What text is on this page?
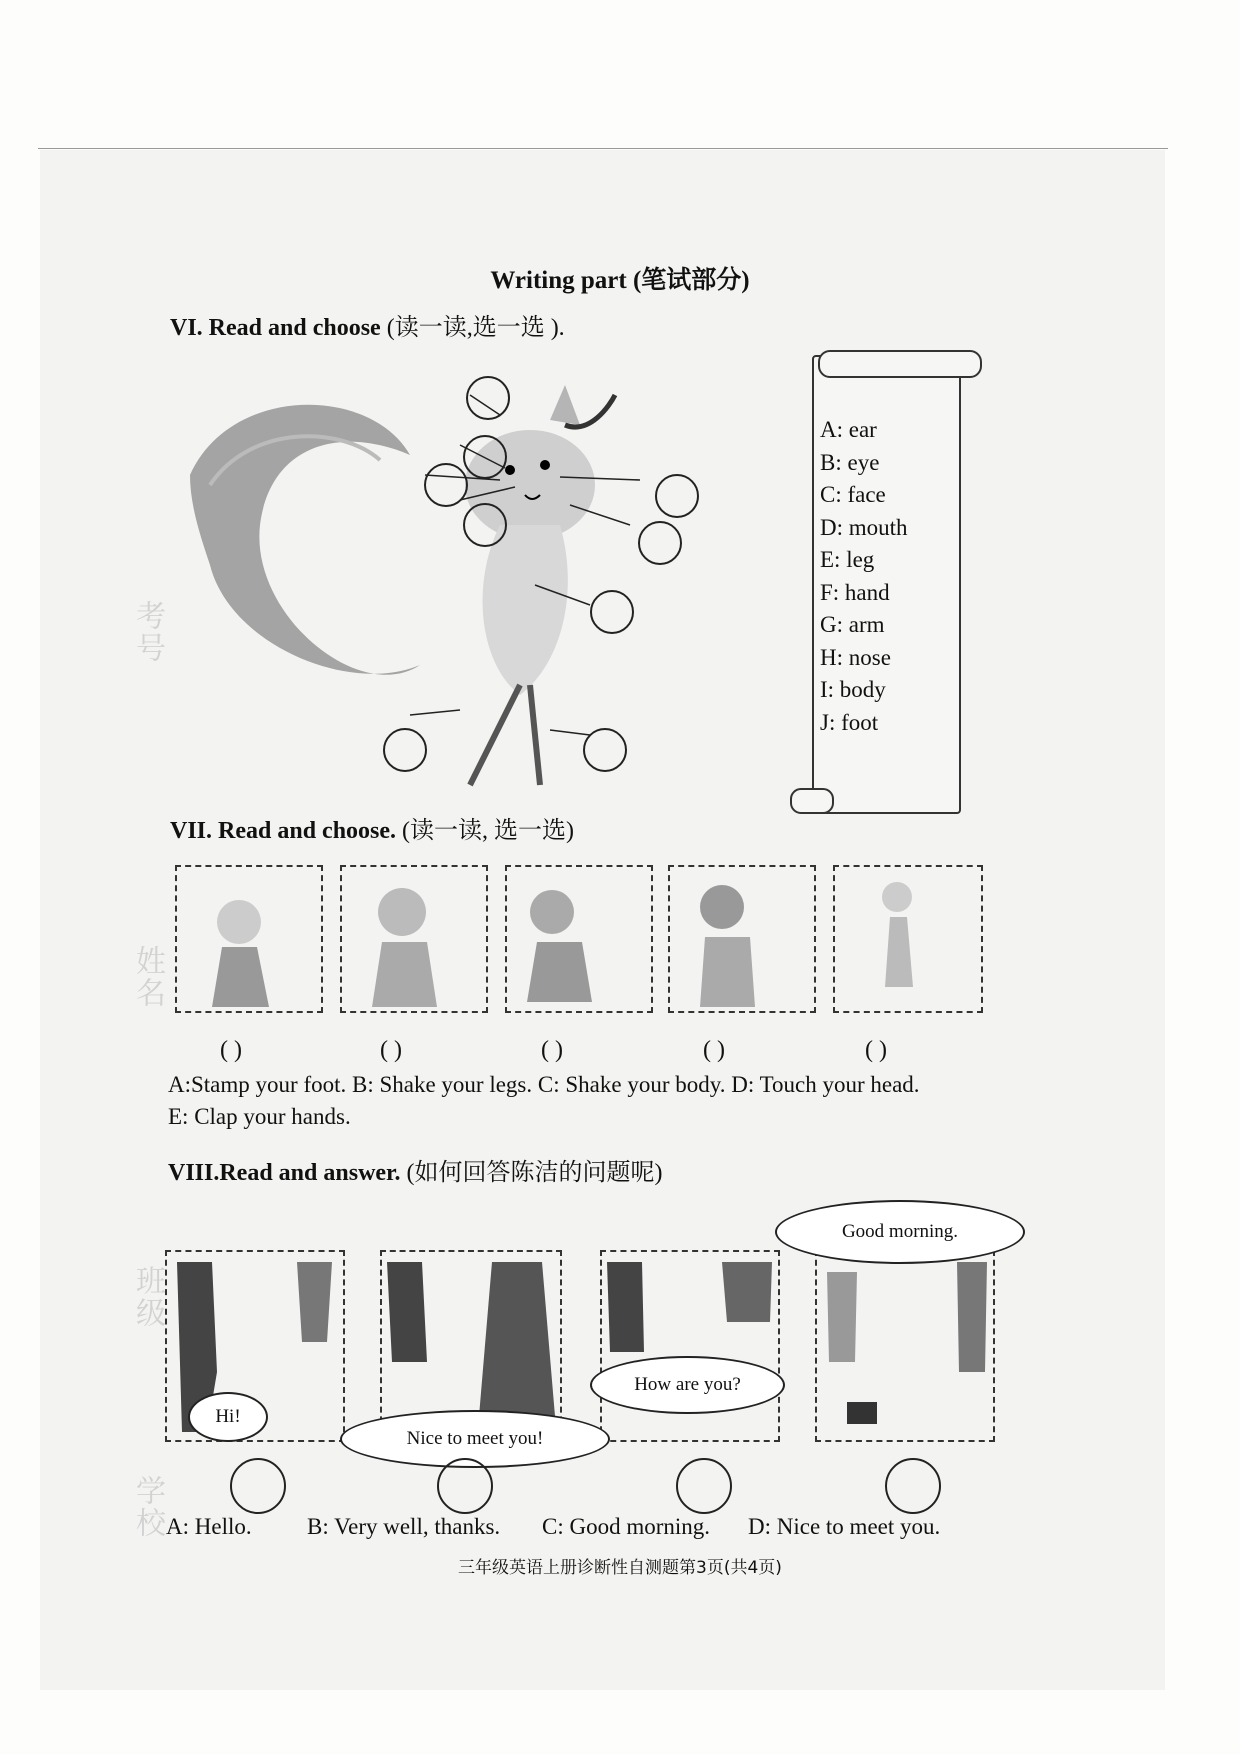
考号
姓名
班级
学校
Writing part (笔试部分)
VI. Read and choose (读一读,选一选 ).
A: ear
B: eye
C: face
D: mouth
E: leg
F: hand
G: arm
H: nose
I: body
J: foot
VII. Read and choose. (读一读, 选一选)
( )	( )	( )	( )	( )
A:Stamp your foot. B: Shake your legs. C: Shake your body. D: Touch your head.
E: Clap your hands.
VIII.Read and answer. (如何回答陈洁的问题呢)
Hi!
Nice to meet you!
How are you?
Good morning.
A: Hello. B: Very well, thanks. C: Good morning. D: Nice to meet you.
三年级英语上册诊断性自测题第3页(共4页)
